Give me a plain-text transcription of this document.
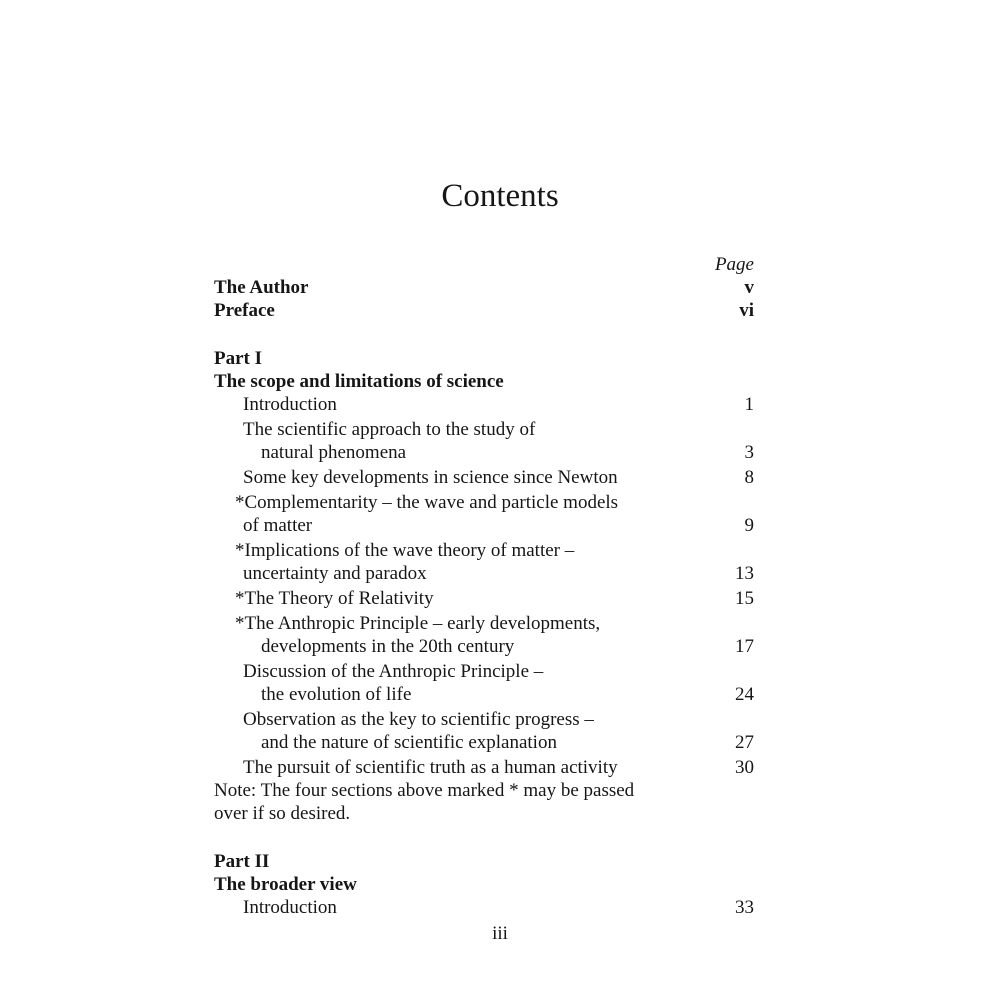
Contents
Page
The Author	v
Preface	vi
Part I
The scope and limitations of science
Introduction	1
The scientific approach to the study of
natural phenomena	3
Some key developments in science since Newton	8
*Complementarity – the wave and particle models
of matter	9
*Implications of the wave theory of matter –
uncertainty and paradox	13
*The Theory of Relativity	15
*The Anthropic Principle – early developments,
developments in the 20th century	17
Discussion of the Anthropic Principle –
the evolution of life	24
Observation as the key to scientific progress –
and the nature of scientific explanation	27
The pursuit of scientific truth as a human activity	30
Note: The four sections above marked * may be passed
over if so desired.
Part II
The broader view
Introduction	33
iii
